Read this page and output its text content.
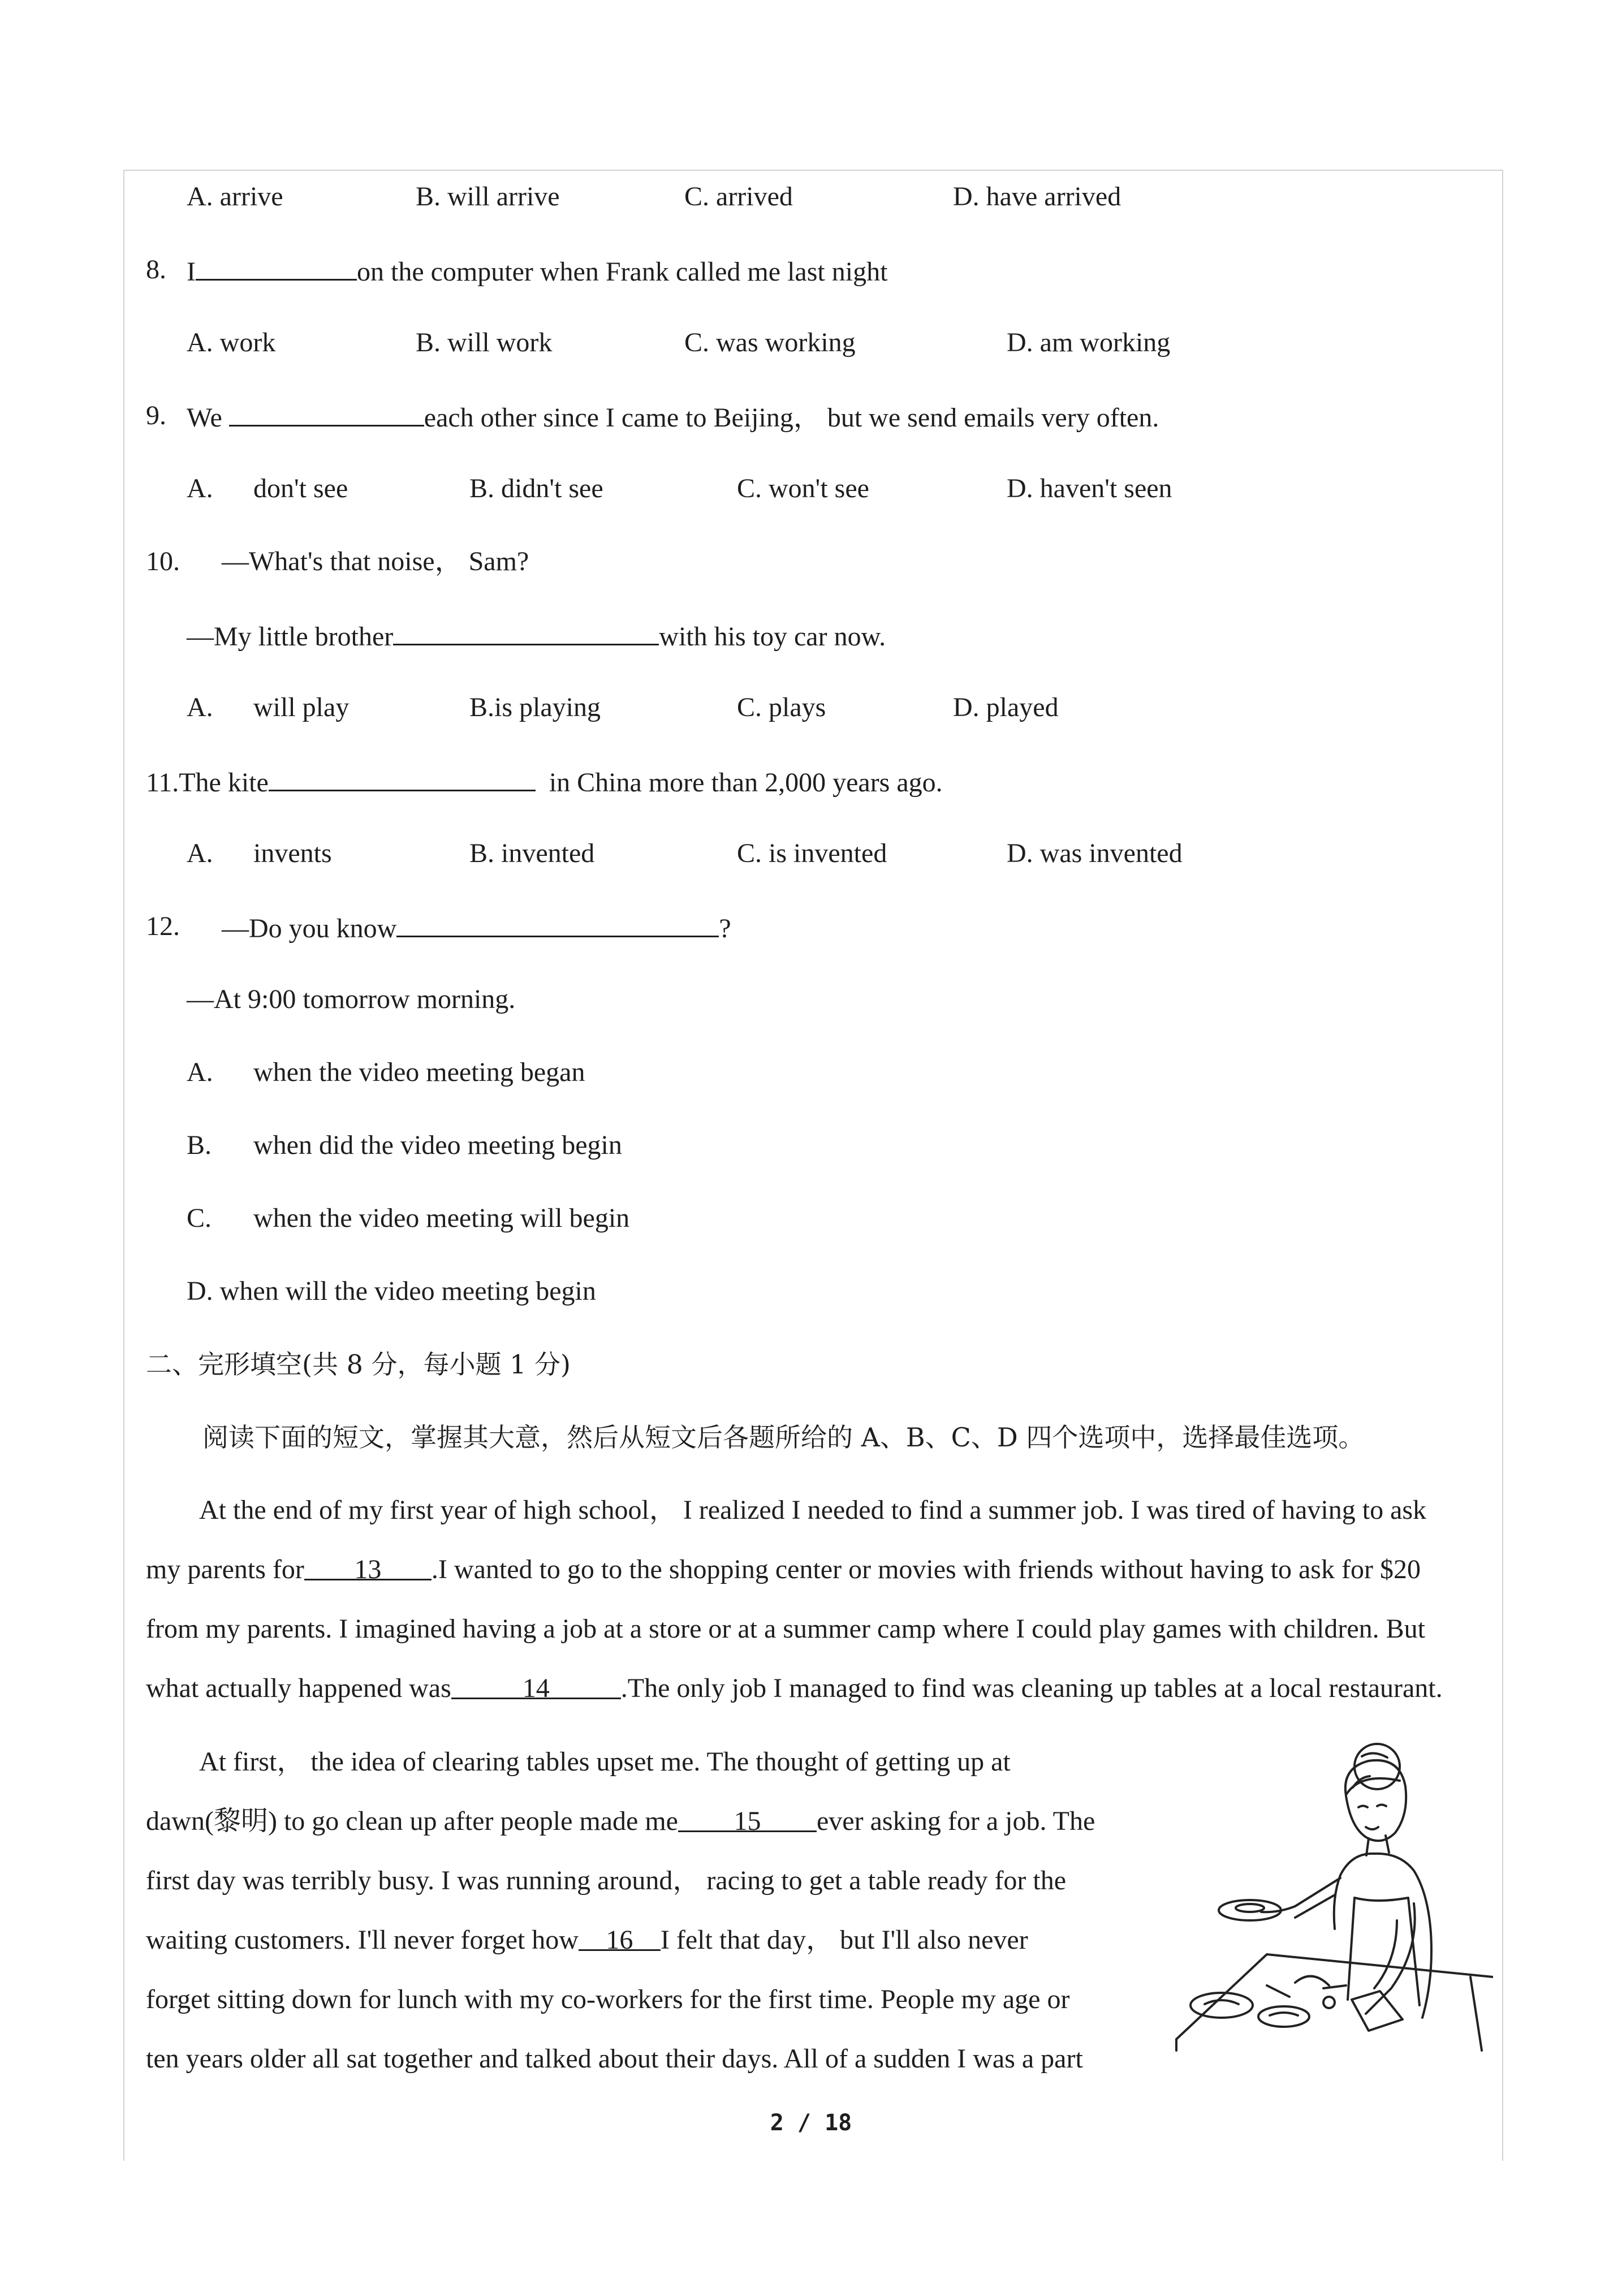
A. arrive	B. will arrive	C. arrived	D. have arrived
8. I	on the computer when Frank called me last night
A. work	B. will work	C. was working	D. am working
9. We	each other since I came to Beijing， but we send emails very often.
A. don't see	B. didn't see	C. won't see	D. haven't seen
10. —What's that noise， Sam?
—My little brother	with his toy car now.
A. will play	B.is playing	C. plays	D. played
11.The kite	in China more than 2,000 years ago.
A. invents	B. invented	C. is invented	D. was invented
12. —Do you know	?
—At 9:00 tomorrow morning.
A. when the video meeting began
B. when did the video meeting begin
C. when the video meeting will begin
D. when will the video meeting begin
二、完形填空(共 8 分，每小题 1 分)
阅读下面的短文，掌握其大意，然后从短文后各题所给的 A、B、C、D 四个选项中，选择最佳选项。
At the end of my first year of high school， I realized I needed to find a summer job. I was tired of having to ask
my parents for 13 .I wanted to go to the shopping center or movies with friends without having to ask for $20
from my parents. I imagined having a job at a store or at a summer camp where I could play games with children. But
what actually happened was	14	.The only job I managed to find was cleaning up tables at a local restaurant.
At first， the idea of clearing tables upset me. The thought of getting up at
dawn(黎明) to go clean up after people made me 15 ever asking for a job. The
first day was terribly busy. I was running around， racing to get a table ready for the
waiting customers. I'll never forget how 16 I felt that day， but I'll also never
forget sitting down for lunch with my co-workers for the first time. People my age or
ten years older all sat together and talked about their days. All of a sudden I was a part
2 / 18
